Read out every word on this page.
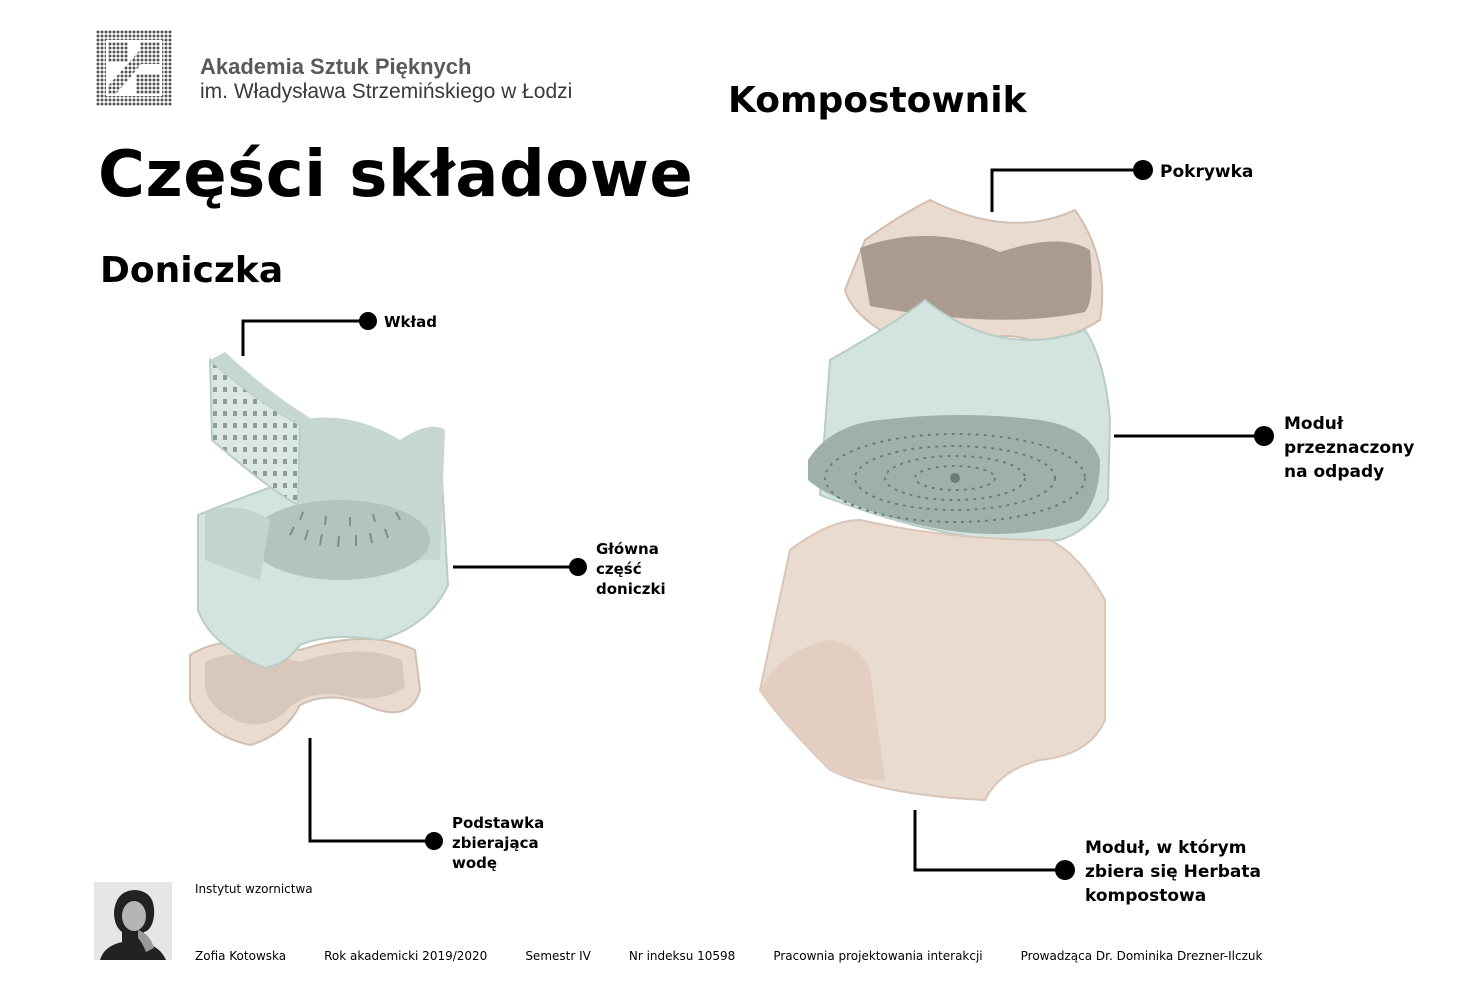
Akademia Sztuk Pięknych
im. Władysława Strzemińskiego w Łodzi
Części składowe
Doniczka
Kompostownik
Wkład
Główna
część
doniczki
Podstawka
zbierająca
wodę
Pokrywka
Moduł
przeznaczony
na odpady
Moduł, w którym
zbiera się Herbata
kompostowa
Instytut wzornictwa
Zofia Kotowska	Rok akademicki 2019/2020	Semestr IV	Nr indeksu 10598	Pracownia projektowania interakcji	Prowadząca Dr. Dominika Drezner-Ilczuk
